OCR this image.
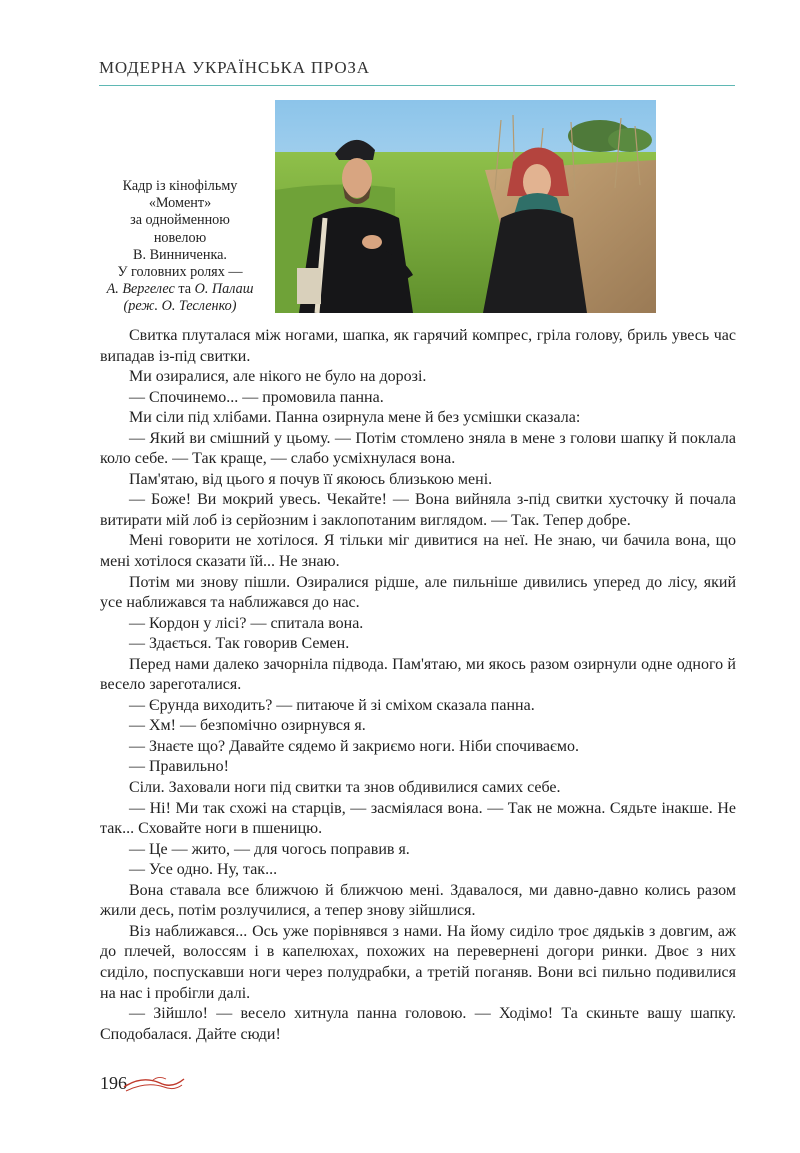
МОДЕРНА УКРАЇНСЬКА ПРОЗА
Кадр із кінофільму
«Момент»
за однойменною
новелою
В. Винниченка.
У головних ролях —
А. Вергелес та О. Палаш
(реж. О. Тесленко)

Свитка плуталася між ногами, шапка, як гарячий компрес, гріла голову, бриль увесь час випадав із-під свитки.

Ми озиралися, але нікого не було на дорозі.

— Спочинемо... — промовила панна.

Ми сіли під хлібами. Панна озирнула мене й без усмішки сказала:

— Який ви смішний у цьому. — Потім стомлено зняла в мене з голови шапку й поклала коло себе. — Так краще, — слабо усміхнулася вона.

Пам'ятаю, від цього я почув її якоюсь близькою мені.

— Боже! Ви мокрий увесь. Чекайте! — Вона вийняла з-під свитки хусточку й почала витирати мій лоб із серйозним і заклопотаним виглядом. — Так. Тепер добре.

Мені говорити не хотілося. Я тільки міг дивитися на неї. Не знаю, чи бачила вона, що мені хотілося сказати їй... Не знаю.

Потім ми знову пішли. Озиралися рідше, але пильніше дивились уперед до лісу, який усе наближався та наближався до нас.

— Кордон у лісі? — спитала вона.

— Здається. Так говорив Семен.

Перед нами далеко зачорніла підвода. Пам'ятаю, ми якось разом озирнули одне одного й весело зареготалися.

— Єрунда виходить? — питаюче й зі сміхом сказала панна.

— Хм! — безпомічно озирнувся я.

— Знаєте що? Давайте сядемо й закриємо ноги. Ніби спочиваємо.

— Правильно!

Сіли. Заховали ноги під свитки та знов обдивилися самих себе.

— Ні! Ми так схожі на старців, — засміялася вона. — Так не можна. Сядьте інакше. Не так... Сховайте ноги в пшеницю.

— Це — жито, — для чогось поправив я.

— Усе одно. Ну, так...

Вона ставала все ближчою й ближчою мені. Здавалося, ми давно-давно колись разом жили десь, потім розлучилися, а тепер знову зійшлися.

Віз наближався... Ось уже порівнявся з нами. На йому сиділо троє дядьків з довгим, аж до плечей, волоссям і в капелюхах, похожих на перевернені догори ринки. Двоє з них сиділо, поспускавши ноги через полудрабки, а третій поганяв. Вони всі пильно подивилися на нас і пробігли далі.

— Зійшло! — весело хитнула панна головою. — Ходімо! Та скиньте вашу шапку. Сподобалася. Дайте сюди!

196
